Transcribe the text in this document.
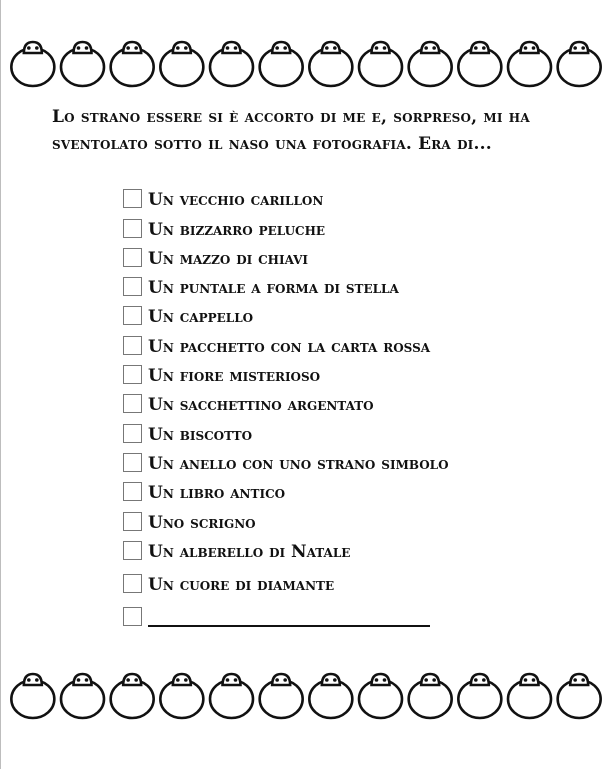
Lo strano essere si è accorto di me e, sorpreso, mi ha sventolato sotto il naso una fotografia. Era di...
Un vecchio carillon
Un bizzarro peluche
Un mazzo di chiavi
Un puntale a forma di stella
Un cappello
Un pacchetto con la carta rossa
Un fiore misterioso
Un sacchettino argentato
Un biscotto
Un anello con uno strano simbolo
Un libro antico
Uno scrigno
Un alberello di Natale
Un cuore di diamante
